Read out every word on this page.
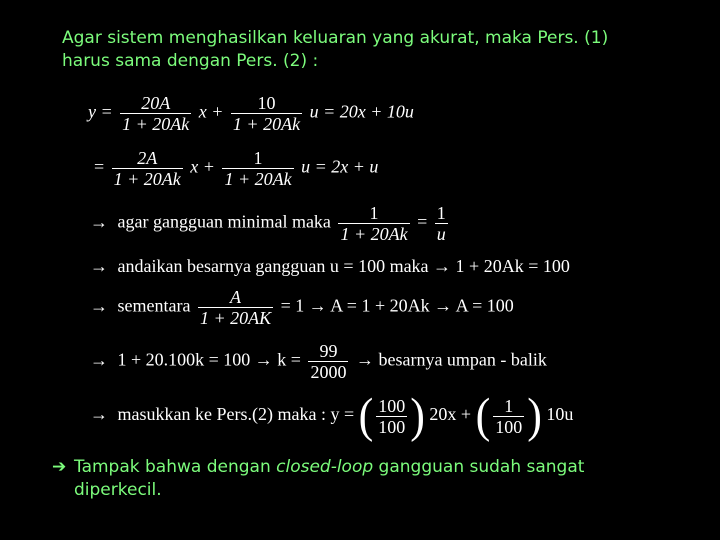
Agar sistem menghasilkan keluaran yang akurat, maka Pers. (1)
harus sama dengan Pers. (2) :
$y = \frac{20A}{1 + 20Ak}$ $x + \frac{10}{1 + 20Ak}$ u = 20x + 10u
= $\frac{2A}{1 + 20Ak}$ $x + \frac{1}{1 + 20Ak}$ u = 2x + u
→ agar gangguan minimal maka $\frac{1}{1 + 20Ak} = \frac{1}{u}$
→ andaikan besarnya gangguan u = 100 maka → 1 + 20Ak = 100
→ sementara $\frac{A}{1 + 20AK} = 1 \to A = 1 + 20Ak \to A = 100$
→ $1 + 20.100k = 100 \to k = \frac{99}{2000}$ → besarnya umpan - balik
→ masukkan ke Pers.(2) maka : y = ( $\frac{100}{100}$ ) 20x + ( $\frac{1}{100}$ ) 10u
➔ Tampak bahwa dengan closed-loop gangguan sudah sangat
diperkecil.
